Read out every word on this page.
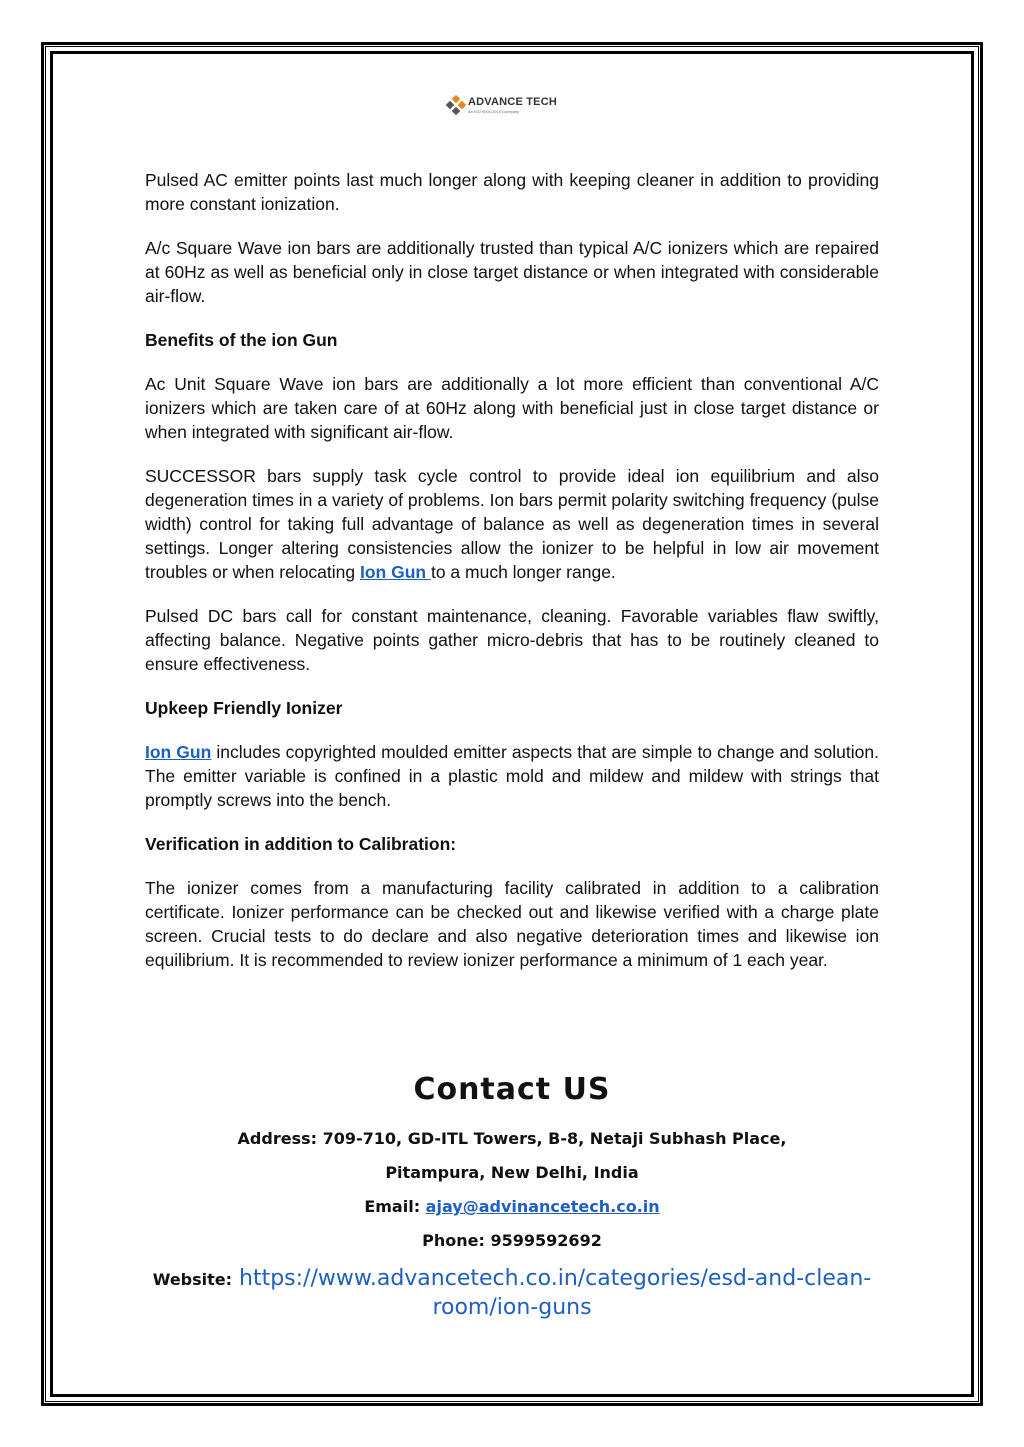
ADVANCE TECH
An ISO 9001:2015 Company

Pulsed AC emitter points last much longer along with keeping cleaner in addition to providing more constant ionization.

A/c Square Wave ion bars are additionally trusted than typical A/C ionizers which are repaired at 60Hz as well as beneficial only in close target distance or when integrated with considerable air-flow.

Benefits of the ion Gun

Ac Unit Square Wave ion bars are additionally a lot more efficient than conventional A/C ionizers which are taken care of at 60Hz along with beneficial just in close target distance or when integrated with significant air-flow.

SUCCESSOR bars supply task cycle control to provide ideal ion equilibrium and also degeneration times in a variety of problems. Ion bars permit polarity switching frequency (pulse width) control for taking full advantage of balance as well as degeneration times in several settings. Longer altering consistencies allow the ionizer to be helpful in low air movement troubles or when relocating Ion Gun to a much longer range.

Pulsed DC bars call for constant maintenance, cleaning. Favorable variables flaw swiftly, affecting balance. Negative points gather micro-debris that has to be routinely cleaned to ensure effectiveness.

Upkeep Friendly Ionizer

Ion Gun includes copyrighted moulded emitter aspects that are simple to change and solution. The emitter variable is confined in a plastic mold and mildew and mildew with strings that promptly screws into the bench.

Verification in addition to Calibration:

The ionizer comes from a manufacturing facility calibrated in addition to a calibration certificate. Ionizer performance can be checked out and likewise verified with a charge plate screen. Crucial tests to do declare and also negative deterioration times and likewise ion equilibrium. It is recommended to review ionizer performance a minimum of 1 each year.

Contact US
Address: 709-710, GD-ITL Towers, B-8, Netaji Subhash Place,
Pitampura, New Delhi, India
Email: ajay@advinancetech.co.in
Phone: 9599592692
Website: https://www.advancetech.co.in/categories/esd-and-clean-room/ion-guns
